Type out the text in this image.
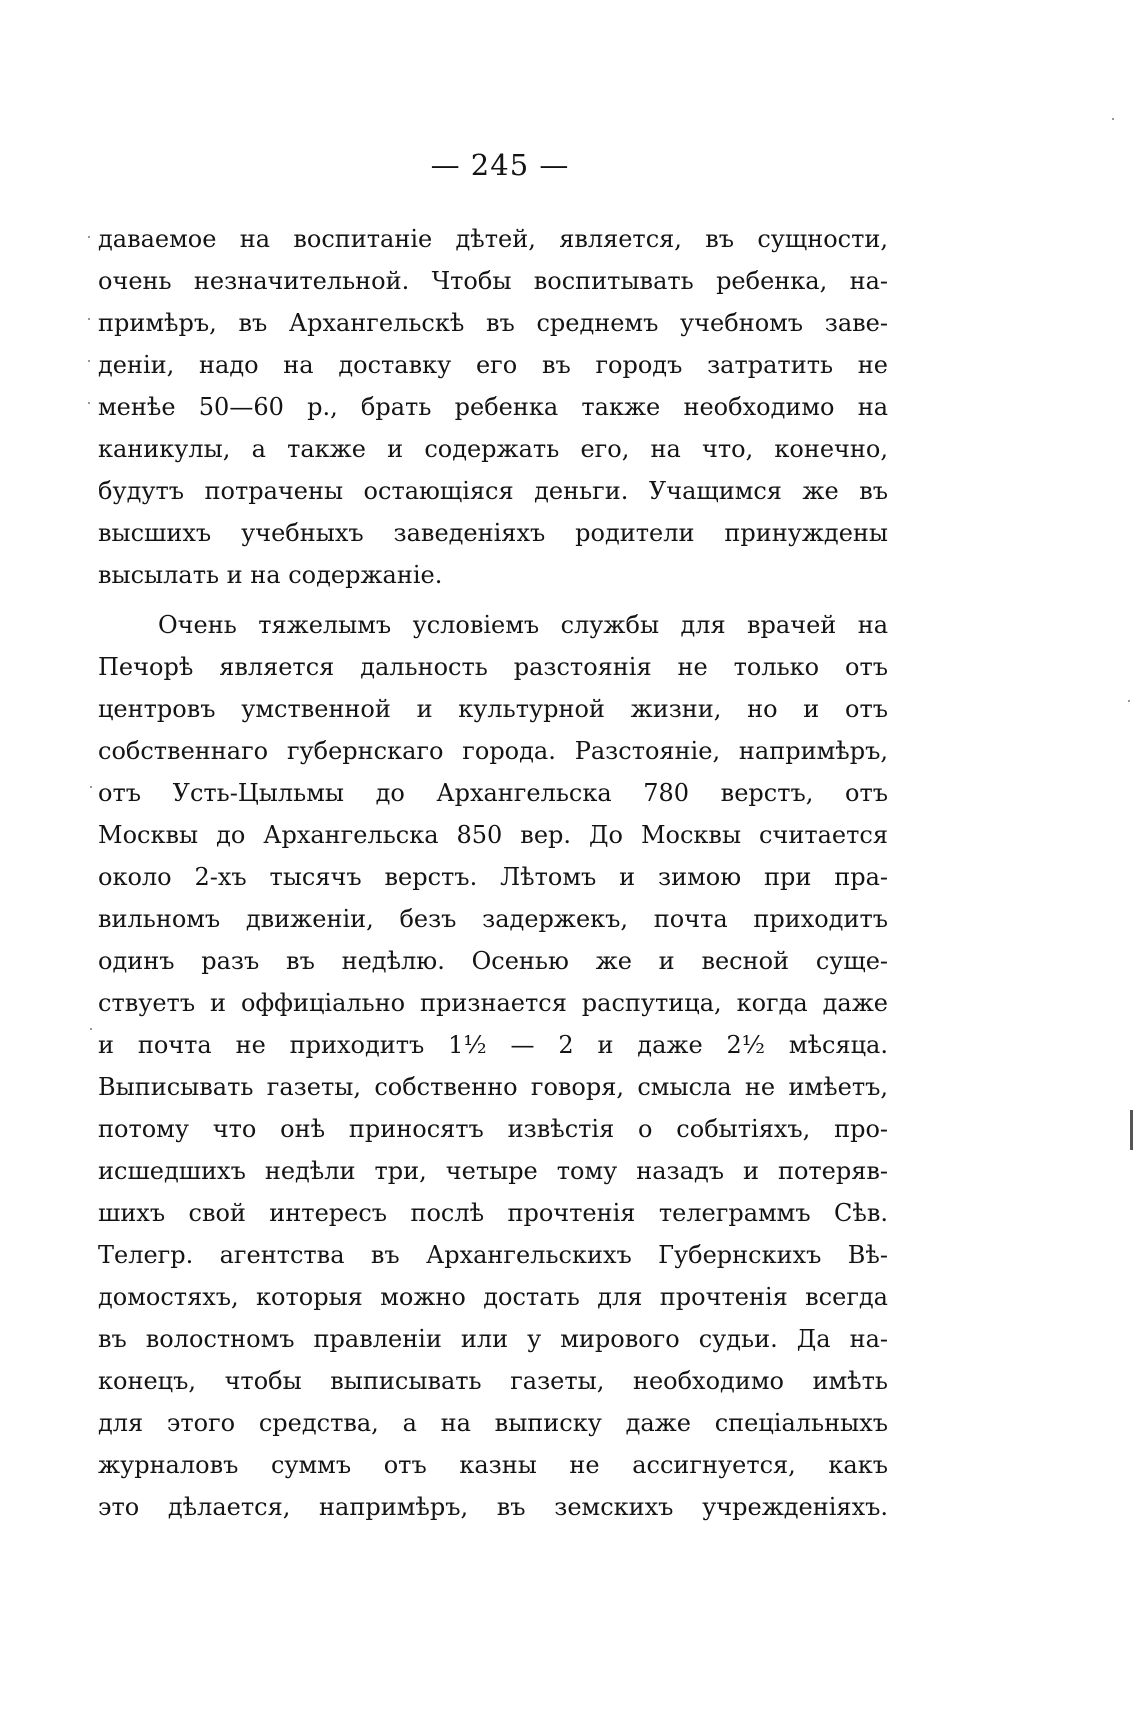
— 245 —
даваемое на воспитаніе дѣтей, является, въ сущности,
очень незначительной. Чтобы воспитывать ребенка, на-
примѣръ, въ Архангельскѣ въ среднемъ учебномъ заве-
деніи, надо на доставку его въ городъ затратить не
менѣе 50—60 р., брать ребенка также необходимо на
каникулы, а также и содержать его, на что, конечно,
будутъ потрачены остающіяся деньги. Учащимся же въ
высшихъ учебныхъ заведеніяхъ родители принуждены
высылать и на содержаніе.
Очень тяжелымъ условіемъ службы для врачей на
Печорѣ является дальность разстоянія не только отъ
центровъ умственной и культурной жизни, но и отъ
собственнаго губернскаго города. Разстояніе, напримѣръ,
отъ Усть-Цыльмы до Архангельска 780 верстъ, отъ
Москвы до Архангельска 850 вер. До Москвы считается
около 2-хъ тысячъ верстъ. Лѣтомъ и зимою при пра-
вильномъ движеніи, безъ задержекъ, почта приходитъ
одинъ разъ въ недѣлю. Осенью же и весной суще-
ствуетъ и оффиціально признается распутица, когда даже
и почта не приходитъ 1½ — 2 и даже 2½ мѣсяца.
Выписывать газеты, собственно говоря, смысла не имѣетъ,
потому что онѣ приносятъ извѣстія о событіяхъ, про-
исшедшихъ недѣли три, четыре тому назадъ и потеряв-
шихъ свой интересъ послѣ прочтенія телеграммъ Сѣв.
Телегр. агентства въ Архангельскихъ Губернскихъ Вѣ-
домостяхъ, которыя можно достать для прочтенія всегда
въ волостномъ правленіи или у мирового судьи. Да на-
конецъ, чтобы выписывать газеты, необходимо имѣть
для этого средства, а на выписку даже спеціальныхъ
журналовъ суммъ отъ казны не ассигнуется, какъ
это дѣлается, напримѣръ, въ земскихъ учрежденіяхъ.
